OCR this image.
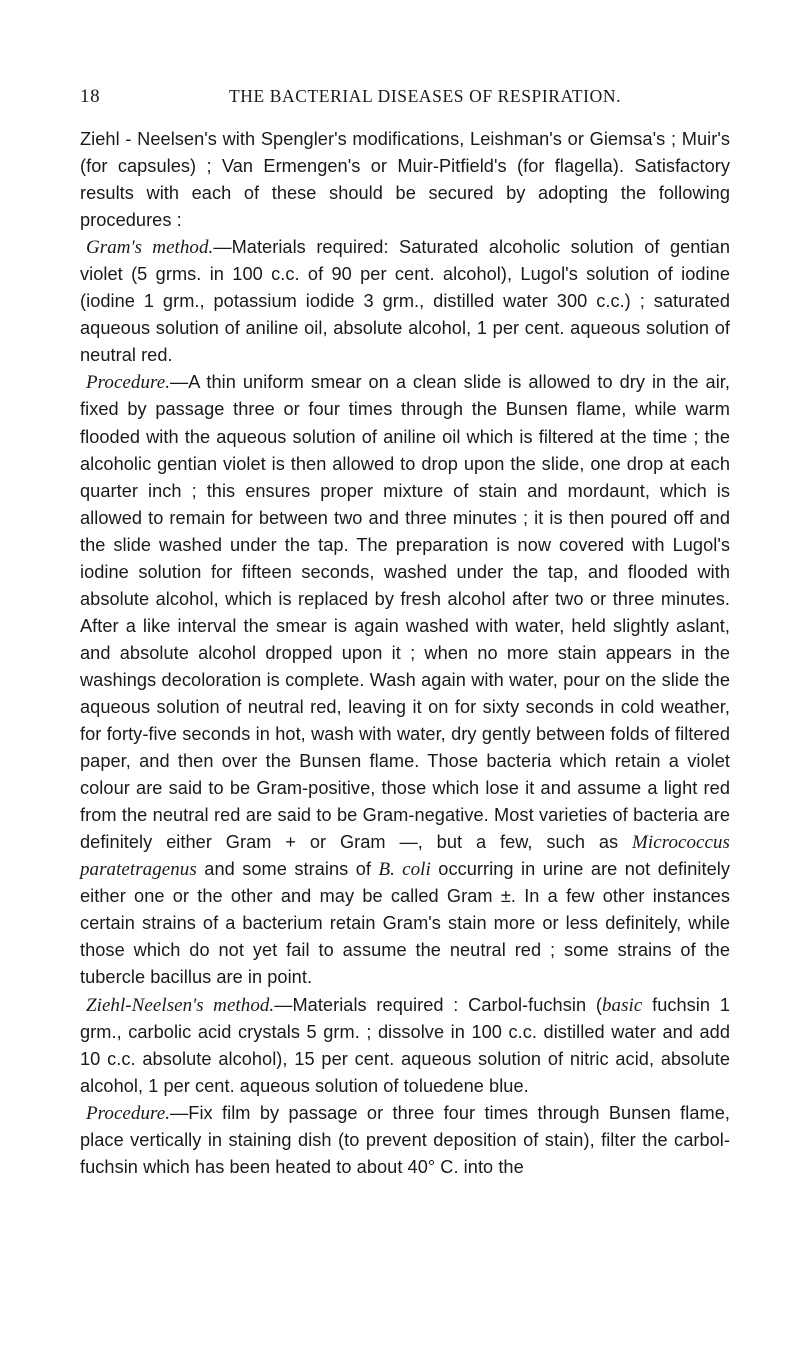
18	THE BACTERIAL DISEASES OF RESPIRATION.

Ziehl - Neelsen's with Spengler's modifications, Leishman's or Giemsa's ; Muir's (for capsules) ; Van Ermengen's or Muir-Pitfield's (for flagella). Satisfactory results with each of these should be secured by adopting the following procedures :

Gram's method.—Materials required: Saturated alcoholic solution of gentian violet (5 grms. in 100 c.c. of 90 per cent. alcohol), Lugol's solution of iodine (iodine 1 grm., potassium iodide 3 grm., distilled water 300 c.c.) ; saturated aqueous solution of aniline oil, absolute alcohol, 1 per cent. aqueous solution of neutral red.

Procedure.—A thin uniform smear on a clean slide is allowed to dry in the air, fixed by passage three or four times through the Bunsen flame, while warm flooded with the aqueous solution of aniline oil which is filtered at the time ; the alcoholic gentian violet is then allowed to drop upon the slide, one drop at each quarter inch ; this ensures proper mixture of stain and mordaunt, which is allowed to remain for between two and three minutes ; it is then poured off and the slide washed under the tap. The preparation is now covered with Lugol's iodine solution for fifteen seconds, washed under the tap, and flooded with absolute alcohol, which is replaced by fresh alcohol after two or three minutes. After a like interval the smear is again washed with water, held slightly aslant, and absolute alcohol dropped upon it ; when no more stain appears in the washings decoloration is complete. Wash again with water, pour on the slide the aqueous solution of neutral red, leaving it on for sixty seconds in cold weather, for forty-five seconds in hot, wash with water, dry gently between folds of filtered paper, and then over the Bunsen flame. Those bacteria which retain a violet colour are said to be Gram-positive, those which lose it and assume a light red from the neutral red are said to be Gram-negative. Most varieties of bacteria are definitely either Gram + or Gram —, but a few, such as Micrococcus paratetragenus and some strains of B. coli occurring in urine are not definitely either one or the other and may be called Gram ±. In a few other instances certain strains of a bacterium retain Gram's stain more or less definitely, while those which do not yet fail to assume the neutral red ; some strains of the tubercle bacillus are in point.

Ziehl-Neelsen's method.—Materials required : Carbol-fuchsin (basic fuchsin 1 grm., carbolic acid crystals 5 grm. ; dissolve in 100 c.c. distilled water and add 10 c.c. absolute alcohol), 15 per cent. aqueous solution of nitric acid, absolute alcohol, 1 per cent. aqueous solution of toluedene blue.

Procedure.—Fix film by passage or three four times through Bunsen flame, place vertically in staining dish (to prevent deposition of stain), filter the carbol-fuchsin which has been heated to about 40° C. into the
